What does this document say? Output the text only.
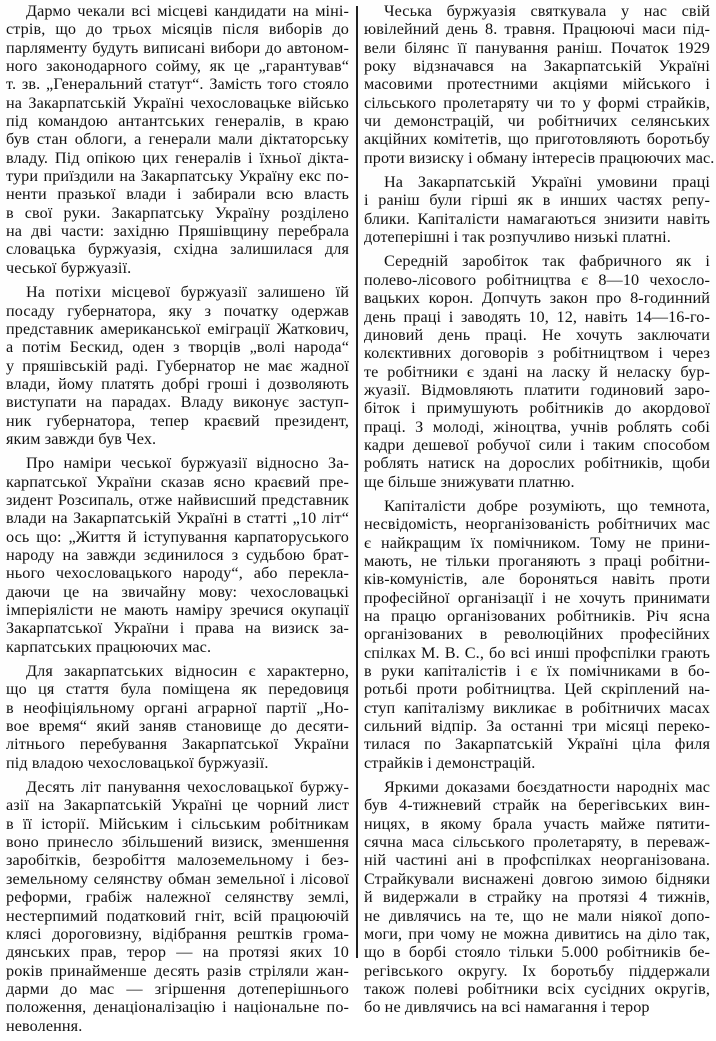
Дармо чекали всі місцеві кандидати на міні-
стрів, що до трьох місяців після виборів до
парляменту будуть виписані вибори до автоном-
ного законодарного сойму, як це „гарантував“
т. зв. „Генеральний статут“. Замість того стояло
на Закарпатській Україні чехословацьке військо
під командою антантських генералів, в краю
був стан облоги, а генерали мали діктаторську
владу. Під опікою цих генералів і їхньої дікта-
тури приїздили на Закарпатську Україну екс по-
ненти празької влади і забирали всю власть
в свої руки. Закарпатську Україну розділено
на дві части: західню Пряшівщину перебрала
словацька буржуазія, східна залишилася для
чеської буржуазії.
На потіхи місцевої буржуазії залишено їй
посаду губернатора, яку з початку одержав
представник американської еміграції Жаткович,
а потім Бескид, оден з творців „волі народа“
у пряшівській раді. Губернатор не має жадної
влади, йому платять добрі гроші і дозволяють
виступати на парадах. Владу виконує заступ-
ник губернатора, тепер краєвий президент,
яким завжди був Чех.
Про наміри чеської буржуазії відносно За-
карпатської України сказав ясно краєвий пре-
зидент Розсипаль, отже найвисший представник
влади на Закарпатській Україні в статті „10 літ“
ось що: „Життя й іступування карпаторуського
народу на завжди зєдинилося з судьбою брат-
нього чехословацького народу“, або перекла-
даючи це на звичайну мову: чехословацькі
імперіялісти не мають наміру зречися окупації
Закарпатської України і права на визиск за-
карпатських працюючих мас.
Для закарпатських відносин є характерно,
що ця стаття була поміщена як передовиця
в неофіціяльному органі аграрної партії „Но-
вое время“ який заняв становище до десяти-
літнього перебування Закарпатської України
під владою чехословацької буржуазії.
Десять літ панування чехословацької буржу-
азії на Закарпатській Україні це чорний лист
в її історії. Мійським і сільським робітникам
воно принесло збільшений визиск, зменшення
заробітків, безробіття малоземельному і без-
земельному селянству обман земельної і лісової
реформи, грабіж належної селянству землі,
нестерпимий податковий гніт, всій працюючій
клясі дороговизну, відібрання рештків грома-
дянських прав, терор — на протязі яких 10
років принайменше десять разів стріляли жан-
дарми до мас — згіршення дотеперішнього
положення, денаціоналізацію і національне по-
неволення.
Чеська буржуазія святкувала у нас свій
ювілейний день 8. травня. Працюючі маси під-
вели білянс її панування раніш. Початок 1929
року відзначався на Закарпатській Україні
масовими протестними акціями мійського і
сільського пролетаряту чи то у формі страйків,
чи демонстрацій, чи робітничих селянських
акційних комітетів, що приготовляють боротьбу
проти визиску і обману інтересів працюючих мас.
На Закарпатській Україні умовини праці
і раніш були гірші як в инших частях репу-
блики. Капіталісти намагаються знизити навіть
дотеперішні і так розпучливо низькі платні.
Середній заробіток так фабричного як і
полево-лісового робітництва є 8—10 чехосло-
вацьких корон. Допчуть закон про 8-годинний
день праці і заводять 10, 12, навіть 14—16-го-
диновий день праці. Не хочуть заключати
колєктивних договорів з робітництвом і через
те робітники є здані на ласку й неласку бур-
жуазії. Відмовляють платити годиновий заро-
біток і примушують робітників до акордової
праці. З молоді, жіноцтва, учнів роблять собі
кадри дешевої робучої сили і таким способом
роблять натиск на дорослих робітників, щоби
ще більше знижувати платню.
Капіталісти добре розуміють, що темнота,
несвідомість, неорганізованість робітничих мас
є найкращим їх помічником. Тому не прини-
мають, не тільки проганяють з праці робітни-
ків-комуністів, але бороняться навіть проти
професійної організації і не хочуть принимати
на працю організованих робітників. Річ ясна
організованих в революційних професійних
спілках М. В. С., бо всі инші профспілки грають
в руки капіталістів і є їх помічниками в бо-
ротьбі проти робітництва. Цей скріплений на-
ступ капіталізму викликає в робітничих масах
сильний відпір. За останні три місяці переко-
тилася по Закарпатській Україні ціла филя
страйків і демонстрацій.
Яркими доказами боєздатности народніх мас
був 4-тижневий страйк на берегівських вин-
ницях, в якому брала участь майже пятити-
сячна маса сільського пролетаряту, в переваж-
ній частині ані в профспілках неорганізована.
Страйкували виснажені довгою зимою бідняки
й видержали в страйку на протязі 4 тижнів,
не дивлячись на те, що не мали ніякої допо-
моги, при чому не можна дивитись на діло так,
що в борбі стояло тільки 5.000 робітників бе-
регівського округу. Іх боротьбу піддержали
також полеві робітники всіх сусідних округів,
бо не дивлячись на всі намагання і терор
